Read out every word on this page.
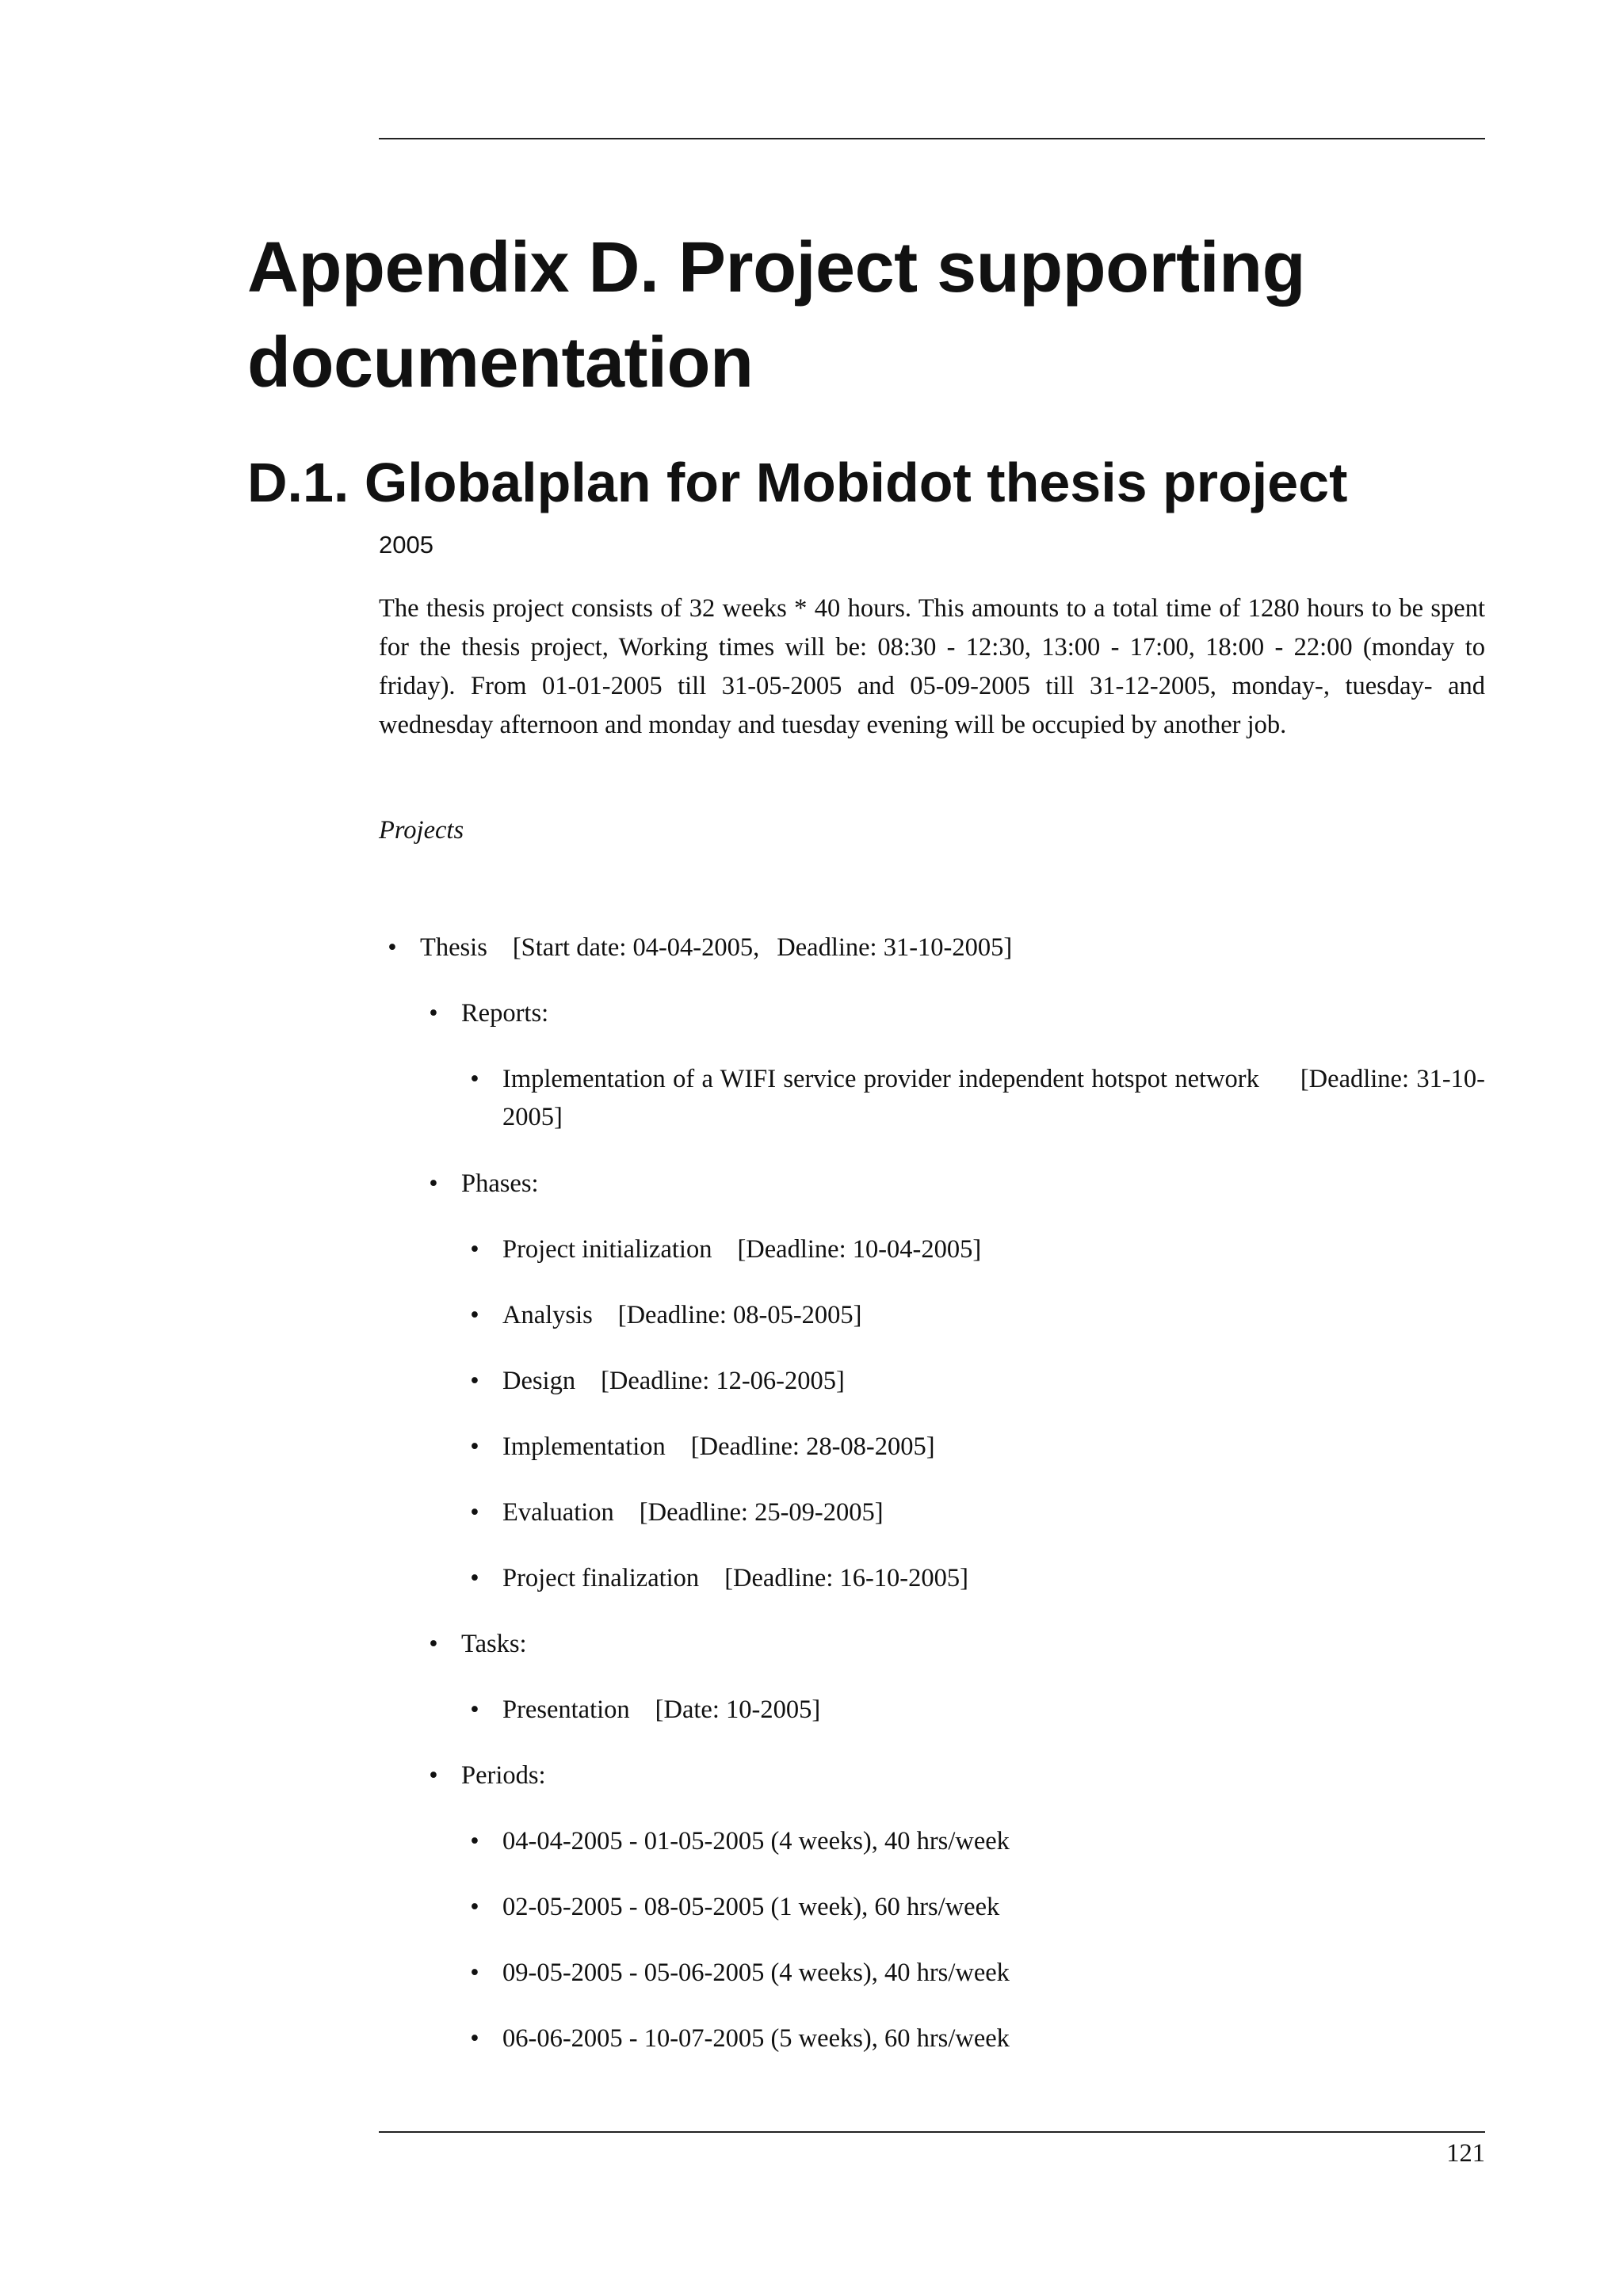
Appendix D. Project supporting documentation
D.1. Globalplan for Mobidot thesis project

2005

The thesis project consists of 32 weeks * 40 hours. This amounts to a total time of 1280 hours to be spent for the thesis project, Working times will be: 08:30 - 12:30, 13:00 - 17:00, 18:00 - 22:00 (monday to friday). From 01-01-2005 till 31-05-2005 and 05-09-2005 till 31-12-2005, monday-, tuesday- and wednesday afternoon and monday and tuesday evening will be occupied by another job.

Projects

• Thesis [Start date: 04-04-2005, Deadline: 31-10-2005]
• Reports:
• Implementation of a WIFI service provider independent hotspot network [Deadline: 31-10-2005]
• Phases:
• Project initialization [Deadline: 10-04-2005]
• Analysis [Deadline: 08-05-2005]
• Design [Deadline: 12-06-2005]
• Implementation [Deadline: 28-08-2005]
• Evaluation [Deadline: 25-09-2005]
• Project finalization [Deadline: 16-10-2005]
• Tasks:
• Presentation [Date: 10-2005]
• Periods:
• 04-04-2005 - 01-05-2005 (4 weeks), 40 hrs/week
• 02-05-2005 - 08-05-2005 (1 week), 60 hrs/week
• 09-05-2005 - 05-06-2005 (4 weeks), 40 hrs/week
• 06-06-2005 - 10-07-2005 (5 weeks), 60 hrs/week

121
